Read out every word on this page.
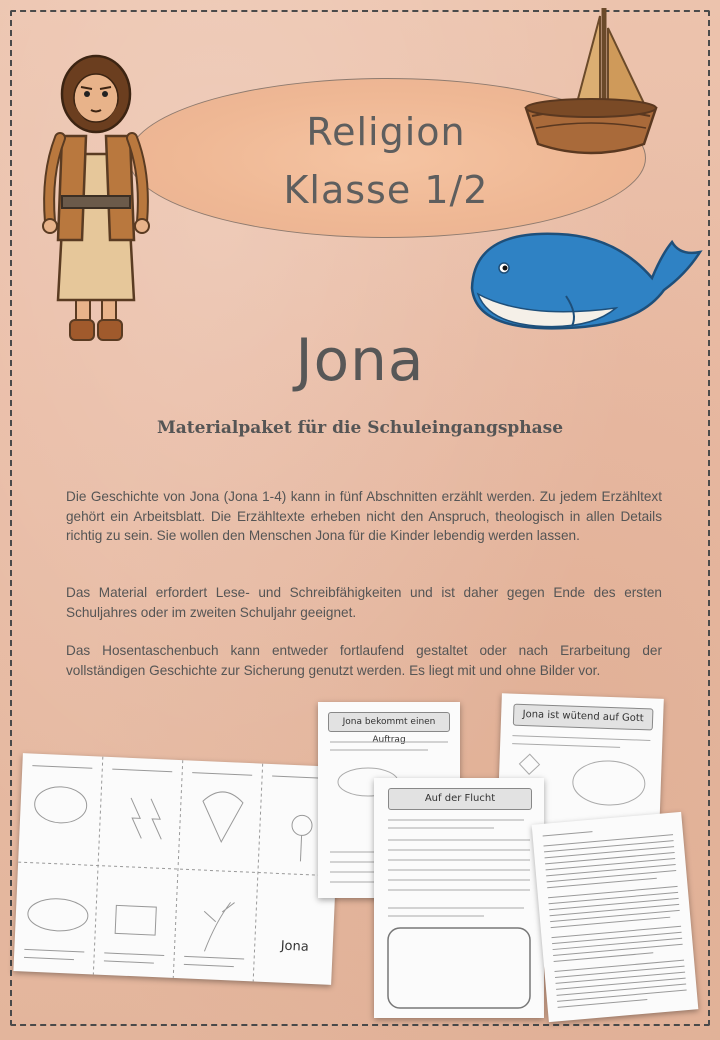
Religion
Klasse 1/2
Jona
Materialpaket für die Schuleingangsphase

Die Geschichte von Jona (Jona 1-4) kann in fünf Abschnitten erzählt werden. Zu jedem Erzähltext gehört ein Arbeitsblatt. Die Erzähltexte erheben nicht den Anspruch, theologisch in allen Details richtig zu sein. Sie wollen den Menschen Jona für die Kinder lebendig werden lassen.

Das Material erfordert Lese- und Schreibfähigkeiten und ist daher gegen Ende des ersten Schuljahres oder im zweiten Schuljahr geeignet.

Das Hosentaschenbuch kann entweder fortlaufend gestaltet oder nach Erarbeitung der vollständigen Geschichte zur Sicherung genutzt werden. Es liegt mit und ohne Bilder vor.

Jona
Jona bekommt einen Auftrag
Jona ist wütend auf Gott
Auf der Flucht
